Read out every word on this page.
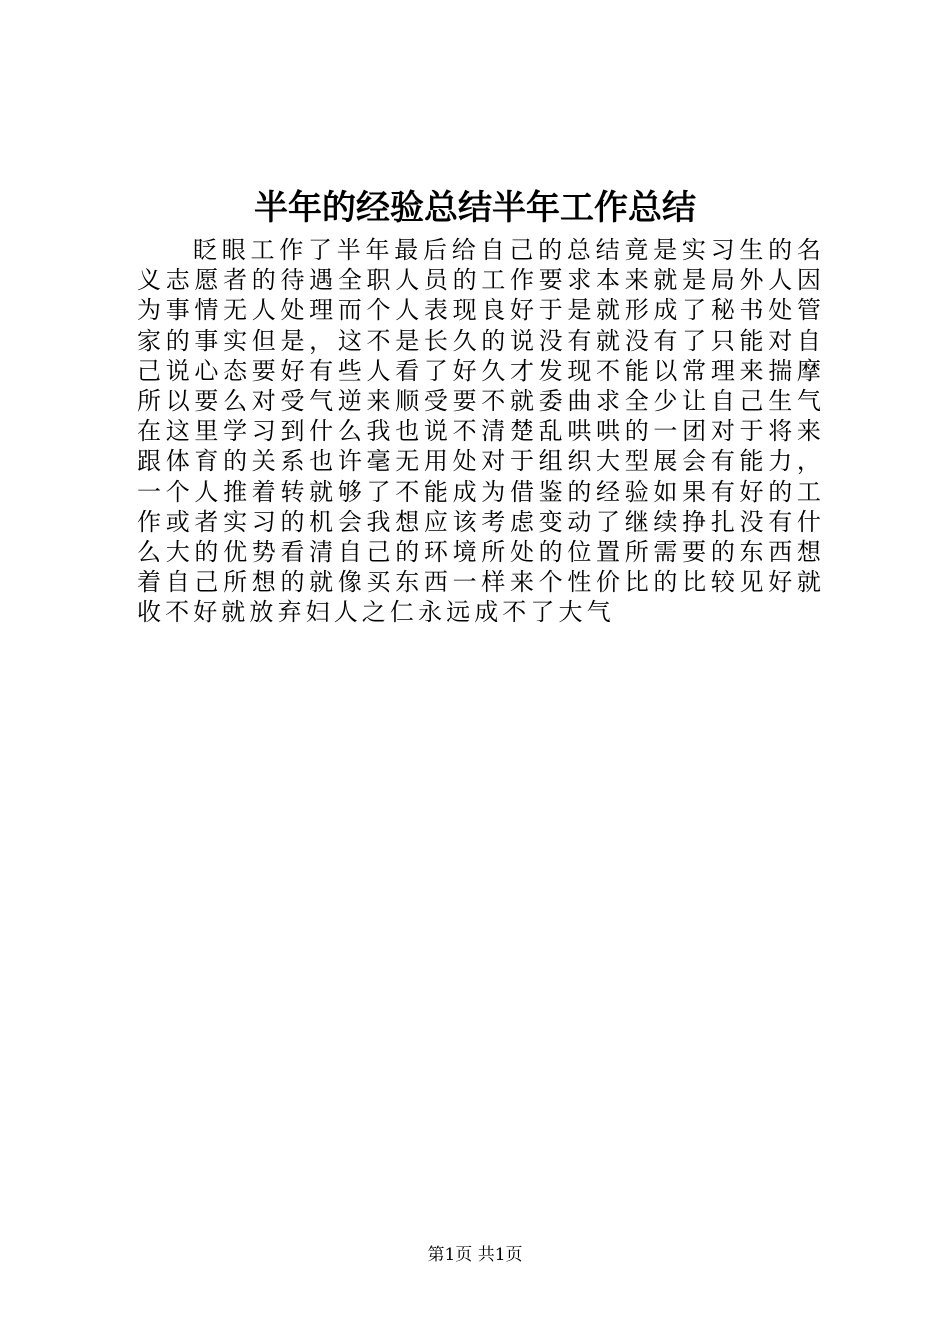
半年的经验总结半年工作总结

眨眼工作了半年最后给自己的总结竟是实习生的名义志愿者的待遇全职人员的工作要求本来就是局外人因为事情无人处理而个人表现良好于是就形成了秘书处管家的事实但是，这不是长久的说没有就没有了只能对自己说心态要好有些人看了好久才发现不能以常理来揣摩所以要么对受气逆来顺受要不就委曲求全少让自己生气在这里学习到什么我也说不清楚乱哄哄的一团对于将来跟体育的关系也许毫无用处对于组织大型展会有能力，一个人推着转就够了不能成为借鉴的经验如果有好的工作或者实习的机会我想应该考虑变动了继续挣扎没有什么大的优势看清自己的环境所处的位置所需要的东西想着自己所想的就像买东西一样来个性价比的比较见好就收不好就放弃妇人之仁永远成不了大气

第1页 共1页
